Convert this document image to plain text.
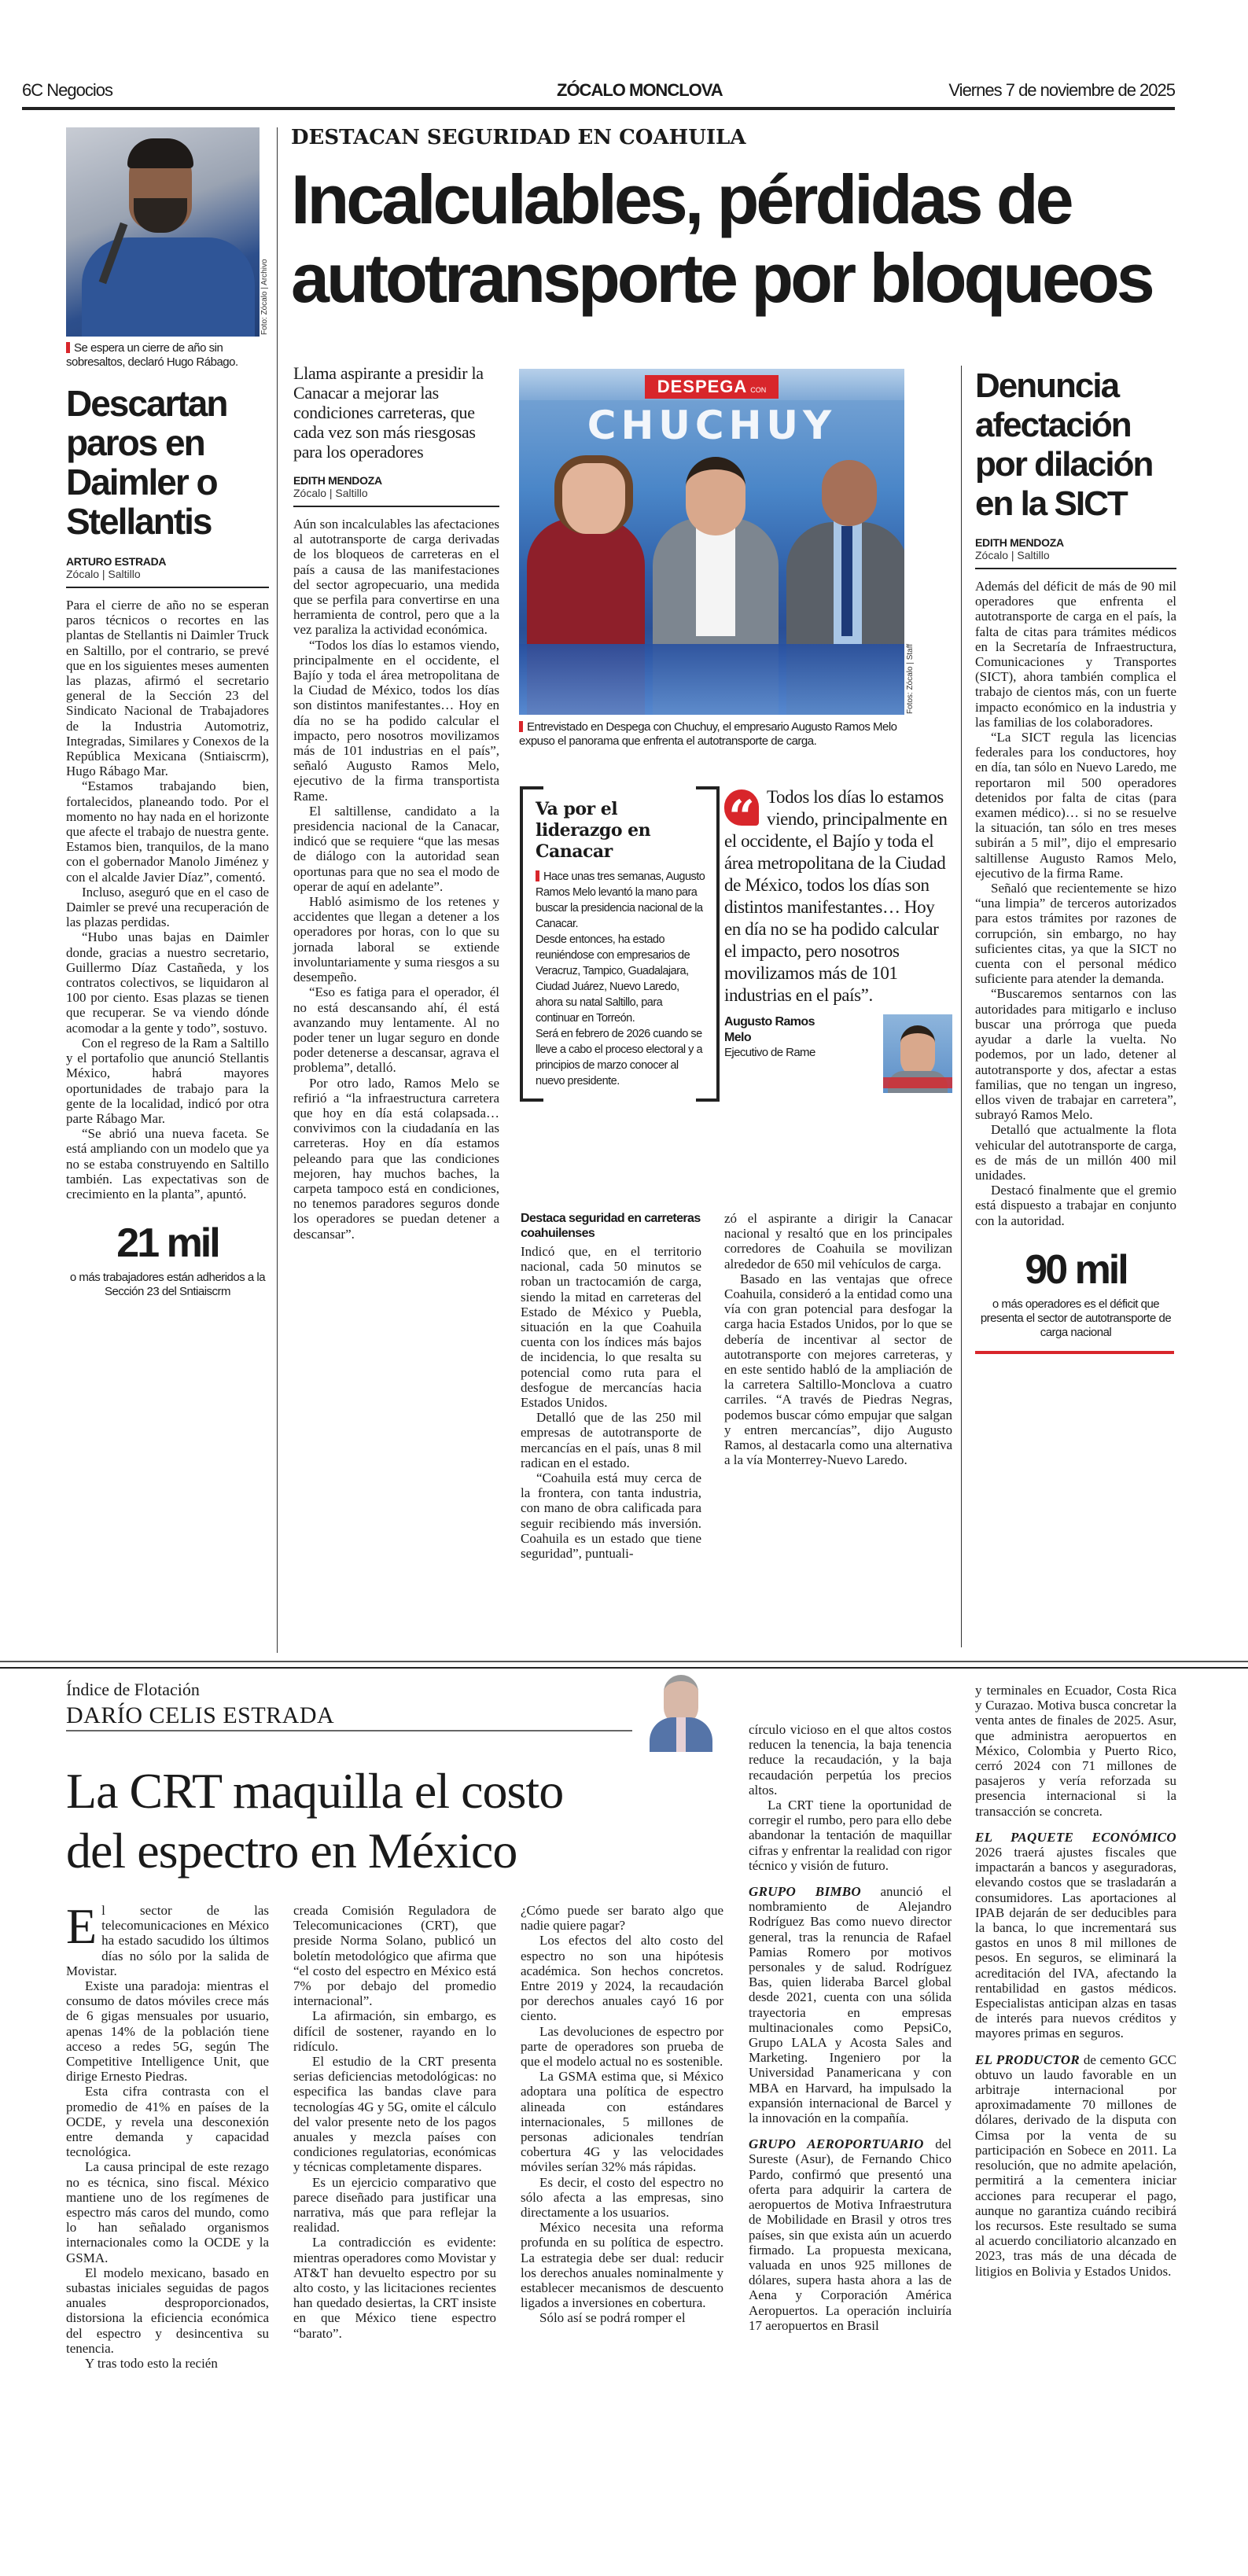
6C Negocios	ZÓCALO MONCLOVA	Viernes 7 de noviembre de 2025
Foto: Zócalo | Archivo
Se espera un cierre de año sin sobresaltos, declaró Hugo Rábago.
Descartan paros en Daimler o Stellantis
ARTURO ESTRADA
Zócalo | Saltillo

Para el cierre de año no se esperan paros técnicos o recortes en las plantas de Stellantis ni Daimler Truck en Saltillo, por el contrario, se prevé que en los siguientes meses aumenten las plazas, afirmó el secretario general de la Sección 23 del Sindicato Nacional de Trabajadores de la Industria Automotriz, Integradas, Similares y Conexos de la República Mexicana (Sntiaiscrm), Hugo Rábago Mar.

“Estamos trabajando bien, fortalecidos, planeando todo. Por el momento no hay nada en el horizonte que afecte el trabajo de nuestra gente. Estamos bien, tranquilos, de la mano con el gobernador Manolo Jiménez y con el alcalde Javier Díaz”, comentó.

Incluso, aseguró que en el caso de Daimler se prevé una recuperación de las plazas perdidas.

“Hubo unas bajas en Daimler donde, gracias a nuestro secretario, Guillermo Díaz Castañeda, y los contratos colectivos, se liquidaron al 100 por ciento. Esas plazas se tienen que recuperar. Se va viendo dónde acomodar a la gente y todo”, sostuvo.

Con el regreso de la Ram a Saltillo y el portafolio que anunció Stellantis México, habrá mayores oportunidades de trabajo para la gente de la localidad, indicó por otra parte Rábago Mar.

“Se abrió una nueva faceta. Se está ampliando con un modelo que ya no se estaba construyendo en Saltillo también. Las expectativas son de crecimiento en la planta”, apuntó.

21 mil
o más trabajadores están adheridos a la Sección 23 del Sntiaiscrm
DESTACAN SEGURIDAD EN COAHUILA
Incalculables, pérdidas de
autotransporte por bloqueos
Llama aspirante a presidir la Canacar a mejorar las condiciones carreteras, que cada vez son más riesgosas para los operadores
EDITH MENDOZA
Zócalo | Saltillo

Aún son incalculables las afectaciones al autotransporte de carga derivadas de los bloqueos de carreteras en el país a causa de las manifestaciones del sector agropecuario, una medida que se perfila para convertirse en una herramienta de control, pero que a la vez paraliza la actividad económica.

“Todos los días lo estamos viendo, principalmente en el occidente, el Bajío y toda el área metropolitana de la Ciudad de México, todos los días son distintos manifestantes… Hoy en día no se ha podido calcular el impacto, pero nosotros movilizamos más de 101 industrias en el país”, señaló Augusto Ramos Melo, ejecutivo de la firma transportista Rame.

El saltillense, candidato a la presidencia nacional de la Canacar, indicó que se requiere “que las mesas de diálogo con la autoridad sean oportunas para que no sea el modo de operar de aquí en adelante”.

Habló asimismo de los retenes y accidentes que llegan a detener a los operadores por horas, con lo que su jornada laboral se extiende involuntariamente y suma riesgos a su desempeño.

“Eso es fatiga para el operador, él no está descansando ahí, él está avanzando muy lentamente. Al no poder tener un lugar seguro en donde poder detenerse a descansar, agrava el problema”, detalló.

Por otro lado, Ramos Melo se refirió a “la infraestructura carretera que hoy en día está colapsada… convivimos con la ciudadanía en las carreteras. Hoy en día estamos peleando para que las condiciones mejoren, hay muchos baches, la carpeta tampoco está en condiciones, no tenemos paradores seguros donde los operadores se puedan detener a descansar”.

DESPEGA CON
CHUCHUY
Fotos: Zócalo | Staff
Entrevistado en Despega con Chuchuy, el empresario Augusto Ramos Melo expuso el panorama que enfrenta el autotransporte de carga.
Va por el liderazgo en Canacar
Hace unas tres semanas, Augusto Ramos Melo levantó la mano para buscar la presidencia nacional de la Canacar.
Desde entonces, ha estado reuniéndose con empresarios de Veracruz, Tampico, Guadalajara, Ciudad Juárez, Nuevo Laredo, ahora su natal Saltillo, para continuar en Torreón.
Será en febrero de 2026 cuando se lleve a cabo el proceso electoral y a principios de marzo conocer al nuevo presidente.
“ Todos los días lo estamos viendo, principalmente en el occidente, el Bajío y toda el área metropolitana de la Ciudad de México, todos los días son distintos manifestantes… Hoy en día no se ha podido calcular el impacto, pero nosotros movilizamos más de 101 industrias en el país”.
Augusto Ramos Melo
Ejecutivo de Rame
Destaca seguridad en carreteras coahuilenses

Indicó que, en el territorio nacional, cada 50 minutos se roban un tractocamión de carga, siendo la mitad en carreteras del Estado de México y Puebla, situación en la que Coahuila cuenta con los índices más bajos de incidencia, lo que resalta su potencial como ruta para el desfogue de mercancías hacia Estados Unidos.

Detalló que de las 250 mil empresas de autotransporte de mercancías en el país, unas 8 mil radican en el estado.

“Coahuila está muy cerca de la frontera, con tanta industria, con mano de obra calificada para seguir recibiendo más inversión. Coahuila es un estado que tiene seguridad”, puntuali-

zó el aspirante a dirigir la Canacar nacional y resaltó que en los principales corredores de Coahuila se movilizan alrededor de 650 mil vehículos de carga.

Basado en las ventajas que ofrece Coahuila, consideró a la entidad como una vía con gran potencial para desfogar la carga hacia Estados Unidos, por lo que se debería de incentivar al sector de autotransporte con mejores carreteras, y en este sentido habló de la ampliación de la carretera Saltillo-Monclova a cuatro carriles. “A través de Piedras Negras, podemos buscar cómo empujar que salgan y entren mercancías”, dijo Augusto Ramos, al destacarla como una alternativa a la vía Monterrey-Nuevo Laredo.

Denuncia afectación por dilación en la SICT
EDITH MENDOZA
Zócalo | Saltillo

Además del déficit de más de 90 mil operadores que enfrenta el autotransporte de carga en el país, la falta de citas para trámites médicos en la Secretaría de Infraestructura, Comunicaciones y Transportes (SICT), ahora también complica el trabajo de cientos más, con un fuerte impacto económico en la industria y las familias de los colaboradores.

“La SICT regula las licencias federales para los conductores, hoy en día, tan sólo en Nuevo Laredo, me reportaron mil 500 operadores detenidos por falta de citas (para examen médico)… si no se resuelve la situación, tan sólo en tres meses subirán a 5 mil”, dijo el empresario saltillense Augusto Ramos Melo, ejecutivo de la firma Rame.

Señaló que recientemente se hizo “una limpia” de terceros autorizados para estos trámites por razones de corrupción, sin embargo, no hay suficientes citas, ya que la SICT no cuenta con el personal médico suficiente para atender la demanda.

“Buscaremos sentarnos con las autoridades para mitigarlo e incluso buscar una prórroga que pueda ayudar a darle la vuelta. No podemos, por un lado, detener al autotransporte y dos, afectar a estas familias, que no tengan un ingreso, ellos viven de trabajar en carretera”, subrayó Ramos Melo.

Detalló que actualmente la flota vehicular del autotransporte de carga, es de más de un millón 400 mil unidades.

Destacó finalmente que el gremio está dispuesto a trabajar en conjunto con la autoridad.

90 mil
o más operadores es el déficit que presenta el sector de autotransporte de carga nacional
Índice de Flotación
DARÍO CELIS ESTRADA
La CRT maquilla el costo
del espectro en México

El sector de las telecomunicaciones en México ha estado sacudido los últimos días no sólo por la salida de Movistar.

Existe una paradoja: mientras el consumo de datos móviles crece más de 6 gigas mensuales por usuario, apenas 14% de la población tiene acceso a redes 5G, según The Competitive Intelligence Unit, que dirige Ernesto Piedras.

Esta cifra contrasta con el promedio de 41% en países de la OCDE, y revela una desconexión entre demanda y capacidad tecnológica.

La causa principal de este rezago no es técnica, sino fiscal. México mantiene uno de los regímenes de espectro más caros del mundo, como lo han señalado organismos internacionales como la OCDE y la GSMA.

El modelo mexicano, basado en subastas iniciales seguidas de pagos anuales desproporcionados, distorsiona la eficiencia económica del espectro y desincentiva su tenencia.

Y tras todo esto la recién

creada Comisión Reguladora de Telecomunicaciones (CRT), que preside Norma Solano, publicó un boletín metodológico que afirma que “el costo del espectro en México está 7% por debajo del promedio internacional”.

La afirmación, sin embargo, es difícil de sostener, rayando en lo ridículo.

El estudio de la CRT presenta serias deficiencias metodológicas: no especifica las bandas clave para tecnologías 4G y 5G, omite el cálculo del valor presente neto de los pagos anuales y mezcla países con condiciones regulatorias, económicas y técnicas completamente dispares.

Es un ejercicio comparativo que parece diseñado para justificar una narrativa, más que para reflejar la realidad.

La contradicción es evidente: mientras operadores como Movistar y AT&T han devuelto espectro por su alto costo, y las licitaciones recientes han quedado desiertas, la CRT insiste en que México tiene espectro “barato”.

¿Cómo puede ser barato algo que nadie quiere pagar?

Los efectos del alto costo del espectro no son una hipótesis académica. Son hechos concretos. Entre 2019 y 2024, la recaudación por derechos anuales cayó 16 por ciento.

Las devoluciones de espectro por parte de operadores son prueba de que el modelo actual no es sostenible.

La GSMA estima que, si México adoptara una política de espectro alineada con estándares internacionales, 5 millones de personas adicionales tendrían cobertura 4G y las velocidades móviles serían 32% más rápidas.

Es decir, el costo del espectro no sólo afecta a las empresas, sino directamente a los usuarios.

México necesita una reforma profunda en su política de espectro. La estrategia debe ser dual: reducir los derechos anuales nominalmente y establecer mecanismos de descuento ligados a inversiones en cobertura.

Sólo así se podrá romper el

círculo vicioso en el que altos costos reducen la tenencia, la baja tenencia reduce la recaudación, y la baja recaudación perpetúa los precios altos.

La CRT tiene la oportunidad de corregir el rumbo, pero para ello debe abandonar la tentación de maquillar cifras y enfrentar la realidad con rigor técnico y visión de futuro.

GRUPO BIMBO anunció el nombramiento de Alejandro Rodríguez Bas como nuevo director general, tras la renuncia de Rafael Pamias Romero por motivos personales y de salud. Rodríguez Bas, quien lideraba Barcel global desde 2021, cuenta con una sólida trayectoria en empresas multinacionales como PepsiCo, Grupo LALA y Acosta Sales and Marketing. Ingeniero por la Universidad Panamericana y con MBA en Harvard, ha impulsado la expansión internacional de Barcel y la innovación en la compañía.

GRUPO AEROPORTUARIO del Sureste (Asur), de Fernando Chico Pardo, confirmó que presentó una oferta para adquirir la cartera de aeropuertos de Motiva Infraestrutura de Mobilidade en Brasil y otros tres países, sin que exista aún un acuerdo firmado. La propuesta mexicana, valuada en unos 925 millones de dólares, supera hasta ahora a las de Aena y Corporación América Aeropuertos. La operación incluiría 17 aeropuertos en Brasil

y terminales en Ecuador, Costa Rica y Curazao. Motiva busca concretar la venta antes de finales de 2025. Asur, que administra aeropuertos en México, Colombia y Puerto Rico, cerró 2024 con 71 millones de pasajeros y vería reforzada su presencia internacional si la transacción se concreta.

EL PAQUETE ECONÓMICO 2026 traerá ajustes fiscales que impactarán a bancos y aseguradoras, elevando costos que se trasladarán a consumidores. Las aportaciones al IPAB dejarán de ser deducibles para la banca, lo que incrementará sus gastos en unos 8 mil millones de pesos. En seguros, se eliminará la acreditación del IVA, afectando la rentabilidad en gastos médicos. Especialistas anticipan alzas en tasas de interés para nuevos créditos y mayores primas en seguros.

EL PRODUCTOR de cemento GCC obtuvo un laudo favorable en un arbitraje internacional por aproximadamente 70 millones de dólares, derivado de la disputa con Cimsa por la venta de su participación en Sobece en 2011. La resolución, que no admite apelación, permitirá a la cementera iniciar acciones para recuperar el pago, aunque no garantiza cuándo recibirá los recursos. Este resultado se suma al acuerdo conciliatorio alcanzado en 2023, tras más de una década de litigios en Bolivia y Estados Unidos.
